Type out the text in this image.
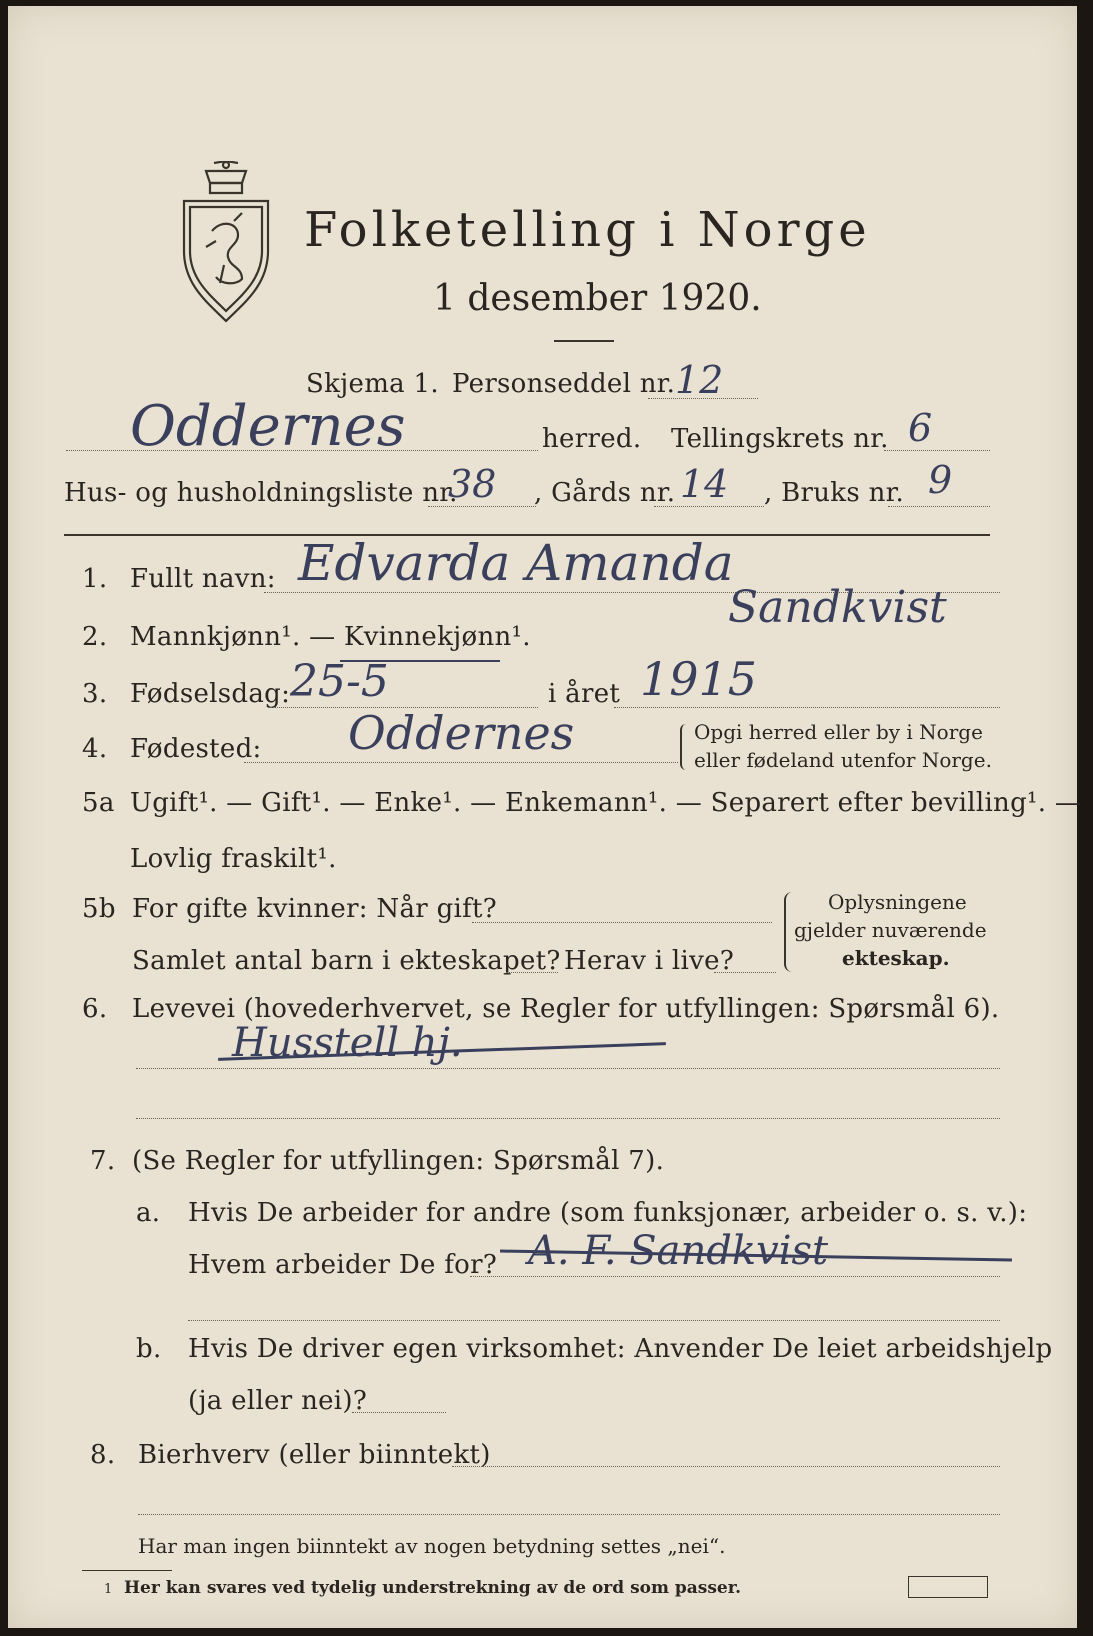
Folketelling i Norge
1 desember 1920.
Skjema 1. Personseddel nr. 12
Oddernes	herred. Tellingskrets nr. 6
Hus- og husholdningsliste nr.
38 , Gårds nr. 14 , Bruks nr. 9
1. Fullt navn: Edvarda Amanda
Sandkvist
2. Mannkjønn¹. — Kvinnekjønn¹.
3. Fødselsdag: 25-5	i året 1915
4. Fødested: Oddernes	Opgi herred eller by i Norge
eller fødeland utenfor Norge.
5a Ugift¹. — Gift¹. — Enke¹. — Enkemann¹. — Separert efter bevilling¹. —
Lovlig fraskilt¹.
5b For gifte kvinner: Når gift?
Samlet antal barn i ekteskapet? Herav i live?
Oplysningene
gjelder nuværende
ekteskap.
6. Levevei (hovederhvervet, se Regler for utfyllingen: Spørsmål 6).
Husstell hj.
7. (Se Regler for utfyllingen: Spørsmål 7).
a. Hvis De arbeider for andre (som funksjonær, arbeider o. s. v.):
Hvem arbeider De for? A. F. Sandkvist
b. Hvis De driver egen virksomhet: Anvender De leiet arbeidshjelp
(ja eller nei)?
8. Bierhverv (eller biinntekt)
Har man ingen biinntekt av nogen betydning settes „nei“.
1 Her kan svares ved tydelig understrekning av de ord som passer.
